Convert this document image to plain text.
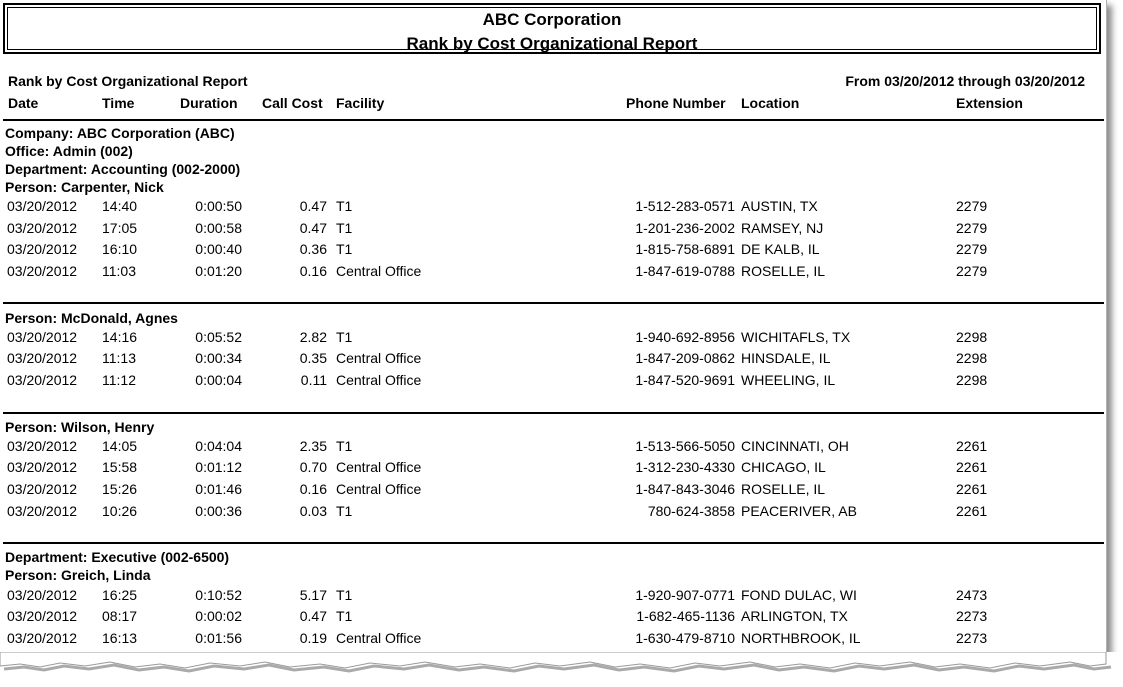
ABC Corporation
Rank by Cost Organizational Report
Rank by Cost Organizational Report	From 03/20/2012 through 03/20/2012
Date	Time	Duration Call Cost Facility	Phone Number Location	Extension
Company: ABC Corporation (ABC)
Office: Admin (002)
Department: Accounting (002-2000)
Person: Carpenter, Nick
Person: McDonald, Agnes
Person: Wilson, Henry
Department: Executive (002-6500)
Person: Greich, Linda
03/20/2012 14:40	0:00:50	0.47 T1	1-512-283-0571 AUSTIN, TX	2279
03/20/2012 17:05	0:00:58	0.47 T1	1-201-236-2002 RAMSEY, NJ	2279
03/20/2012 16:10	0:00:40	0.36 T1	1-815-758-6891 DE KALB, IL	2279
03/20/2012 11:03	0:01:20	0.16 Central Office	1-847-619-0788 ROSELLE, IL	2279
03/20/2012 14:16	0:05:52	2.82 T1	1-940-692-8956 WICHITAFLS, TX	2298
03/20/2012 11:13	0:00:34	0.35 Central Office	1-847-209-0862 HINSDALE, IL	2298
03/20/2012 11:12	0:00:04	0.11 Central Office	1-847-520-9691 WHEELING, IL	2298
03/20/2012 14:05	0:04:04	2.35 T1	1-513-566-5050 CINCINNATI, OH	2261
03/20/2012 15:58	0:01:12	0.70 Central Office	1-312-230-4330 CHICAGO, IL	2261
03/20/2012 15:26	0:01:46	0.16 Central Office	1-847-843-3046 ROSELLE, IL	2261
03/20/2012 10:26	0:00:36	0.03 T1	780-624-3858 PEACERIVER, AB	2261
03/20/2012 16:25	0:10:52	5.17 T1	1-920-907-0771 FOND DULAC, WI	2473
03/20/2012 08:17	0:00:02	0.47 T1	1-682-465-1136 ARLINGTON, TX	2273
03/20/2012 16:13	0:01:56	0.19 Central Office	1-630-479-8710 NORTHBROOK, IL	2273
